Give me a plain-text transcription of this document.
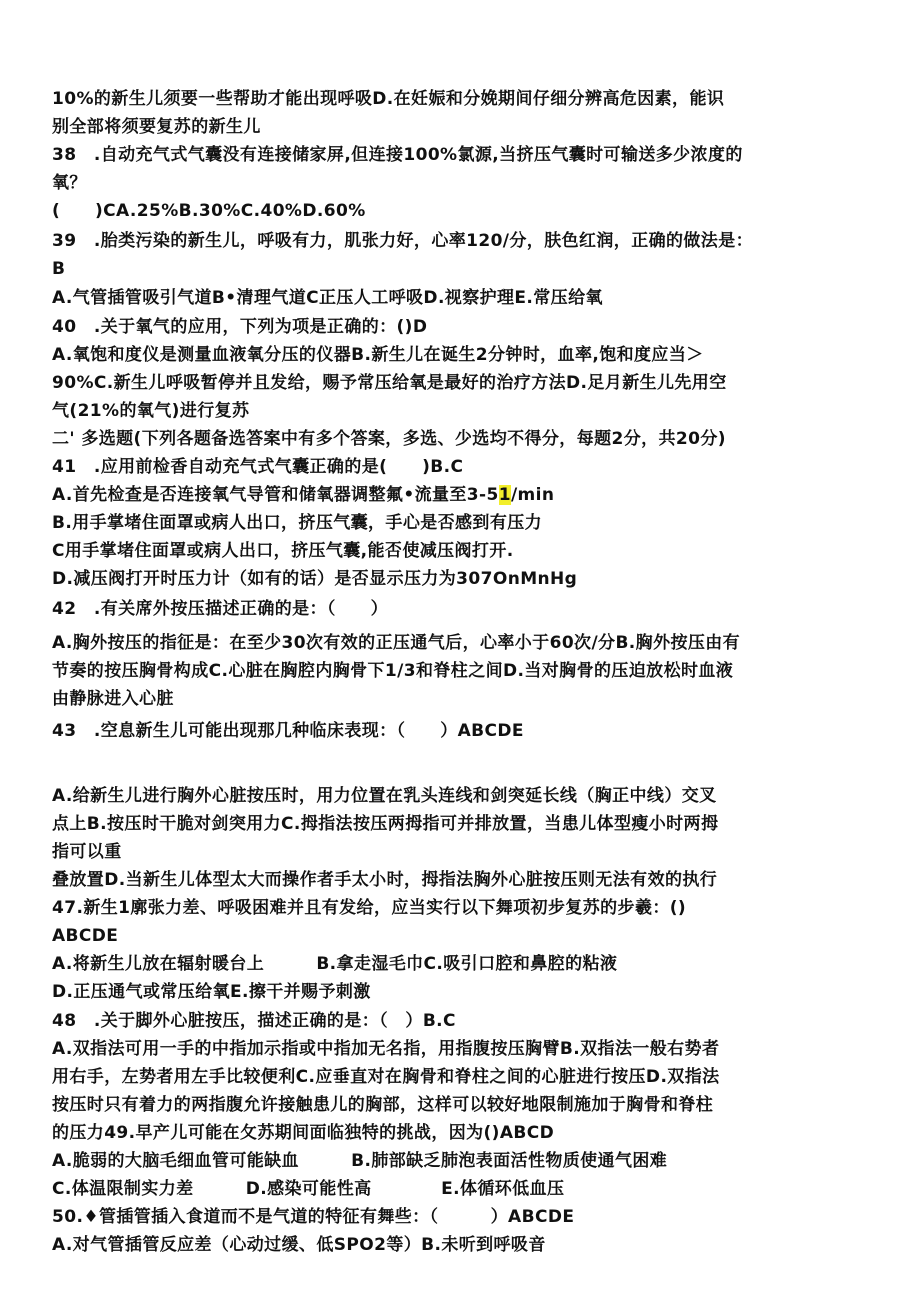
10%的新生儿须要一些帮助才能出现呼吸D.在妊娠和分娩期间仔细分辨高危因素，能识

别全部将须要复苏的新生儿

38　.自动充气式气囊没有连接储家屏,但连接100%氯源,当挤压气囊时可输送多少浓度的

氧？

(　　)CA.25%B.30%C.40%D.60%

39　.胎类污染的新生儿，呼吸有力，肌张力好，心率120/分，肤色红润，正确的做法是：

B

A.气管插管吸引气道B•清理气道C正压人工呼吸D.视察护理E.常压给氧

40　.关于氧气的应用，下列为项是正确的：()D

A.氧饱和度仪是测量血液氧分压的仪器B.新生儿在诞生2分钟时，血率,饱和度应当＞

90%C.新生儿呼吸暂停并且发给，赐予常压给氧是最好的治疗方法D.足月新生儿先用空

气(21%的氧气)进行复苏

二' 多选题(下列各题备选答案中有多个答案，多选、少选均不得分，每题2分，共20分)

41　.应用前检香自动充气式气囊正确的是(　　)B.C

A.首先检查是否连接氧气导管和储氧器调整氟•流量至3-51/min

B.用手掌堵住面罩或病人出口，挤压气囊，手心是否感到有压力

C用手掌堵住面罩或病人出口，挤压气囊,能否使减压阀打开.

D.减压阀打开时压力计（如有的话）是否显示压力为307OnMnHg

42　.有关席外按压描述正确的是：（　　）

A.胸外按压的指征是：在至少30次有效的正压通气后，心率小于60次/分B.胸外按压由有

节奏的按压胸骨构成C.心脏在胸腔内胸骨下1/3和脊柱之间D.当对胸骨的压迫放松时血液

由静脉进入心脏

43　.空息新生儿可能出现那几种临床表现：（　　）ABCDE

A.给新生儿进行胸外心脏按压时，用力位置在乳头连线和剑突延长线（胸正中线）交叉

点上B.按压时干脆对剑突用力C.拇指法按压两拇指可并排放置，当患儿体型瘦小时两拇

指可以重

叠放置D.当新生儿体型太大而操作者手太小时，拇指法胸外心脏按压则无法有效的执行

47.新生1廓张力差、呼吸困难并且有发给，应当实行以下舞项初步复苏的步羲：()

ABCDE

A.将新生儿放在辐射暖台上　　　B.拿走湿毛巾C.吸引口腔和鼻腔的粘液

D.正压通气或常压给氧E.擦干并赐予刺激

48　.关于脚外心脏按压，描述正确的是：（　）B.C

A.双指法可用一手的中指加示指或中指加无名指，用指腹按压胸臂B.双指法一般右势者

用右手，左势者用左手比较便利C.应垂直对在胸骨和脊柱之间的心脏进行按压D.双指法

按压时只有着力的两指腹允许接触患儿的胸部，这样可以较好地限制施加于胸骨和脊柱

的压力49.早产儿可能在攵苏期间面临独特的挑战，因为()ABCD

A.脆弱的大脑毛细血管可能缺血　　　B.肺部缺乏肺泡表面活性物质使通气困难

C.体温限制实力差　　　D.感染可能性高　　　　E.体循环低血压

50.♦管插管插入食道而不是气道的特征有舞些：（　　　）ABCDE

A.对气管插管反应差（心动过缓、低SPO2等）B.未听到呼吸音
